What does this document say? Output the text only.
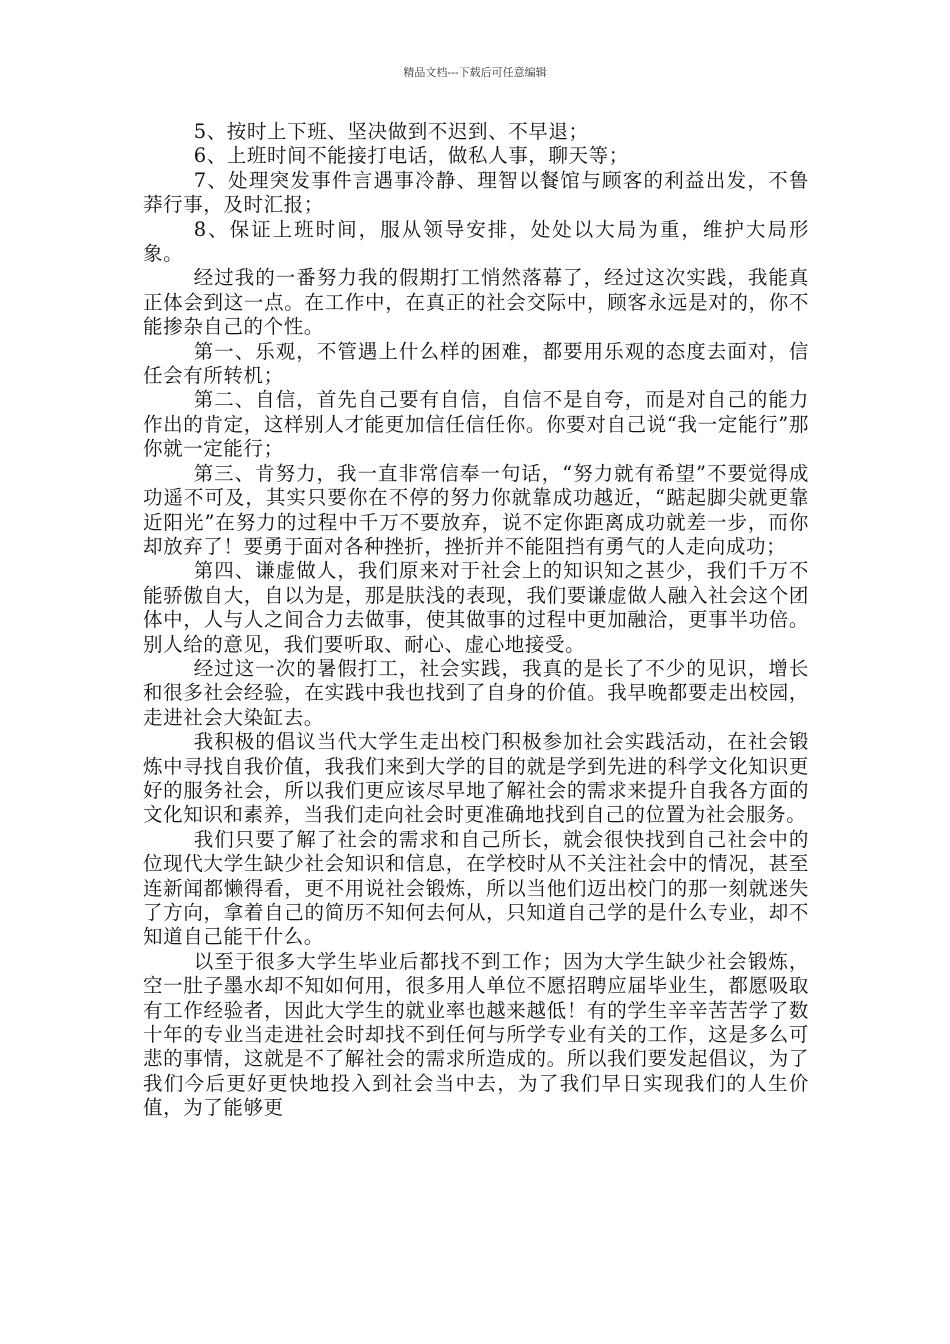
精品文档---下载后可任意编辑

5、按时上下班、坚决做到不迟到、不早退；

6、上班时间不能接打电话，做私人事，聊天等；

7、处理突发事件言遇事冷静、理智以餐馆与顾客的利益出发，不鲁莽行事，及时汇报；

8、保证上班时间，服从领导安排，处处以大局为重，维护大局形象。

经过我的一番努力我的假期打工悄然落幕了，经过这次实践，我能真正体会到这一点。在工作中，在真正的社会交际中，顾客永远是对的，你不能掺杂自己的个性。

第一、乐观，不管遇上什么样的困难，都要用乐观的态度去面对，信任会有所转机；

第二、自信，首先自己要有自信，自信不是自夸，而是对自己的能力作出的肯定，这样别人才能更加信任信任你。你要对自己说“我一定能行”那你就一定能行；

第三、肯努力，我一直非常信奉一句话，“努力就有希望”不要觉得成功遥不可及，其实只要你在不停的努力你就靠成功越近，“踮起脚尖就更靠近阳光”在努力的过程中千万不要放弃，说不定你距离成功就差一步，而你却放弃了！要勇于面对各种挫折，挫折并不能阻挡有勇气的人走向成功；

第四、谦虚做人，我们原来对于社会上的知识知之甚少，我们千万不能骄傲自大，自以为是，那是肤浅的表现，我们要谦虚做人融入社会这个团体中，人与人之间合力去做事，使其做事的过程中更加融洽，更事半功倍。别人给的意见，我们要听取、耐心、虚心地接受。

经过这一次的暑假打工，社会实践，我真的是长了不少的见识，增长和很多社会经验，在实践中我也找到了自身的价值。我早晚都要走出校园，走进社会大染缸去。

我积极的倡议当代大学生走出校门积极参加社会实践活动，在社会锻炼中寻找自我价值，我我们来到大学的目的就是学到先进的科学文化知识更好的服务社会，所以我们更应该尽早地了解社会的需求来提升自我各方面的文化知识和素养，当我们走向社会时更准确地找到自己的位置为社会服务。

我们只要了解了社会的需求和自己所长，就会很快找到自己社会中的位现代大学生缺少社会知识和信息，在学校时从不关注社会中的情况，甚至连新闻都懒得看，更不用说社会锻炼，所以当他们迈出校门的那一刻就迷失了方向，拿着自己的简历不知何去何从，只知道自己学的是什么专业，却不知道自己能干什么。

以至于很多大学生毕业后都找不到工作；因为大学生缺少社会锻炼，空一肚子墨水却不知如何用，很多用人单位不愿招聘应届毕业生，都愿吸取有工作经验者，因此大学生的就业率也越来越低！有的学生辛辛苦苦学了数十年的专业当走进社会时却找不到任何与所学专业有关的工作，这是多么可悲的事情，这就是不了解社会的需求所造成的。所以我们要发起倡议，为了我们今后更好更快地投入到社会当中去，为了我们早日实现我们的人生价值，为了能够更
